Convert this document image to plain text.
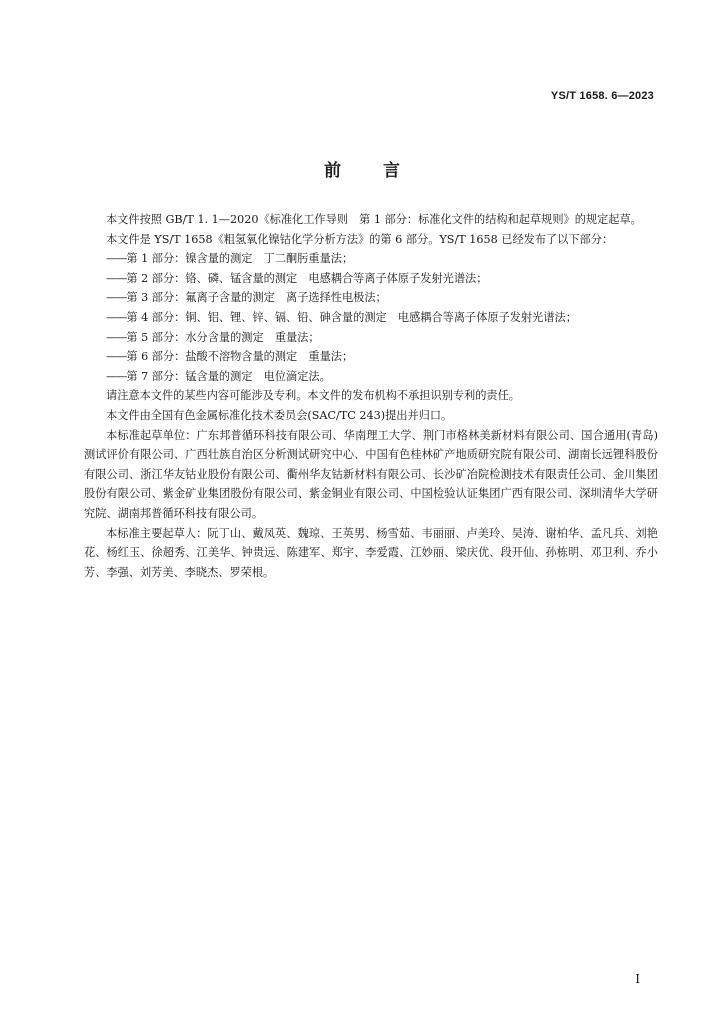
YS/T 1658. 6—2023
前言

本文件按照 GB/T 1. 1—2020《标准化工作导则　第 1 部分：标准化文件的结构和起草规则》的规定起草。

本文件是 YS/T 1658《粗氢氧化镍钴化学分析方法》的第 6 部分。YS/T 1658 已经发布了以下部分：

——第 1 部分：镍含量的测定　丁二酮肟重量法；
——第 2 部分：铬、磷、锰含量的测定　电感耦合等离子体原子发射光谱法；
——第 3 部分：氟离子含量的测定　离子选择性电极法；
——第 4 部分：铜、铝、锂、锌、镉、铅、砷含量的测定　电感耦合等离子体原子发射光谱法；
——第 5 部分：水分含量的测定　重量法；
——第 6 部分：盐酸不溶物含量的测定　重量法；
——第 7 部分：锰含量的测定　电位滴定法。

请注意本文件的某些内容可能涉及专利。本文件的发布机构不承担识别专利的责任。

本文件由全国有色金属标准化技术委员会(SAC/TC 243)提出并归口。

本标准起草单位：广东邦普循环科技有限公司、华南理工大学、荆门市格林美新材料有限公司、国合通用(青岛)测试评价有限公司、广西壮族自治区分析测试研究中心、中国有色桂林矿产地质研究院有限公司、湖南长远锂科股份有限公司、浙江华友钴业股份有限公司、衢州华友钴新材料有限公司、长沙矿冶院检测技术有限责任公司、金川集团股份有限公司、紫金矿业集团股份有限公司、紫金铜业有限公司、中国检验认证集团广西有限公司、深圳清华大学研究院、湖南邦普循环科技有限公司。

本标准主要起草人：阮丁山、戴凤英、魏琼、王英男、杨雪茹、韦丽丽、卢美玲、吴涛、谢柏华、孟凡兵、刘艳花、杨红玉、徐超秀、江美华、钟贵远、陈建军、郑宇、李爱霞、江妙丽、梁庆优、段开仙、孙栋明、邓卫利、乔小芳、李强、刘芳美、李晓杰、罗荣根。

I
